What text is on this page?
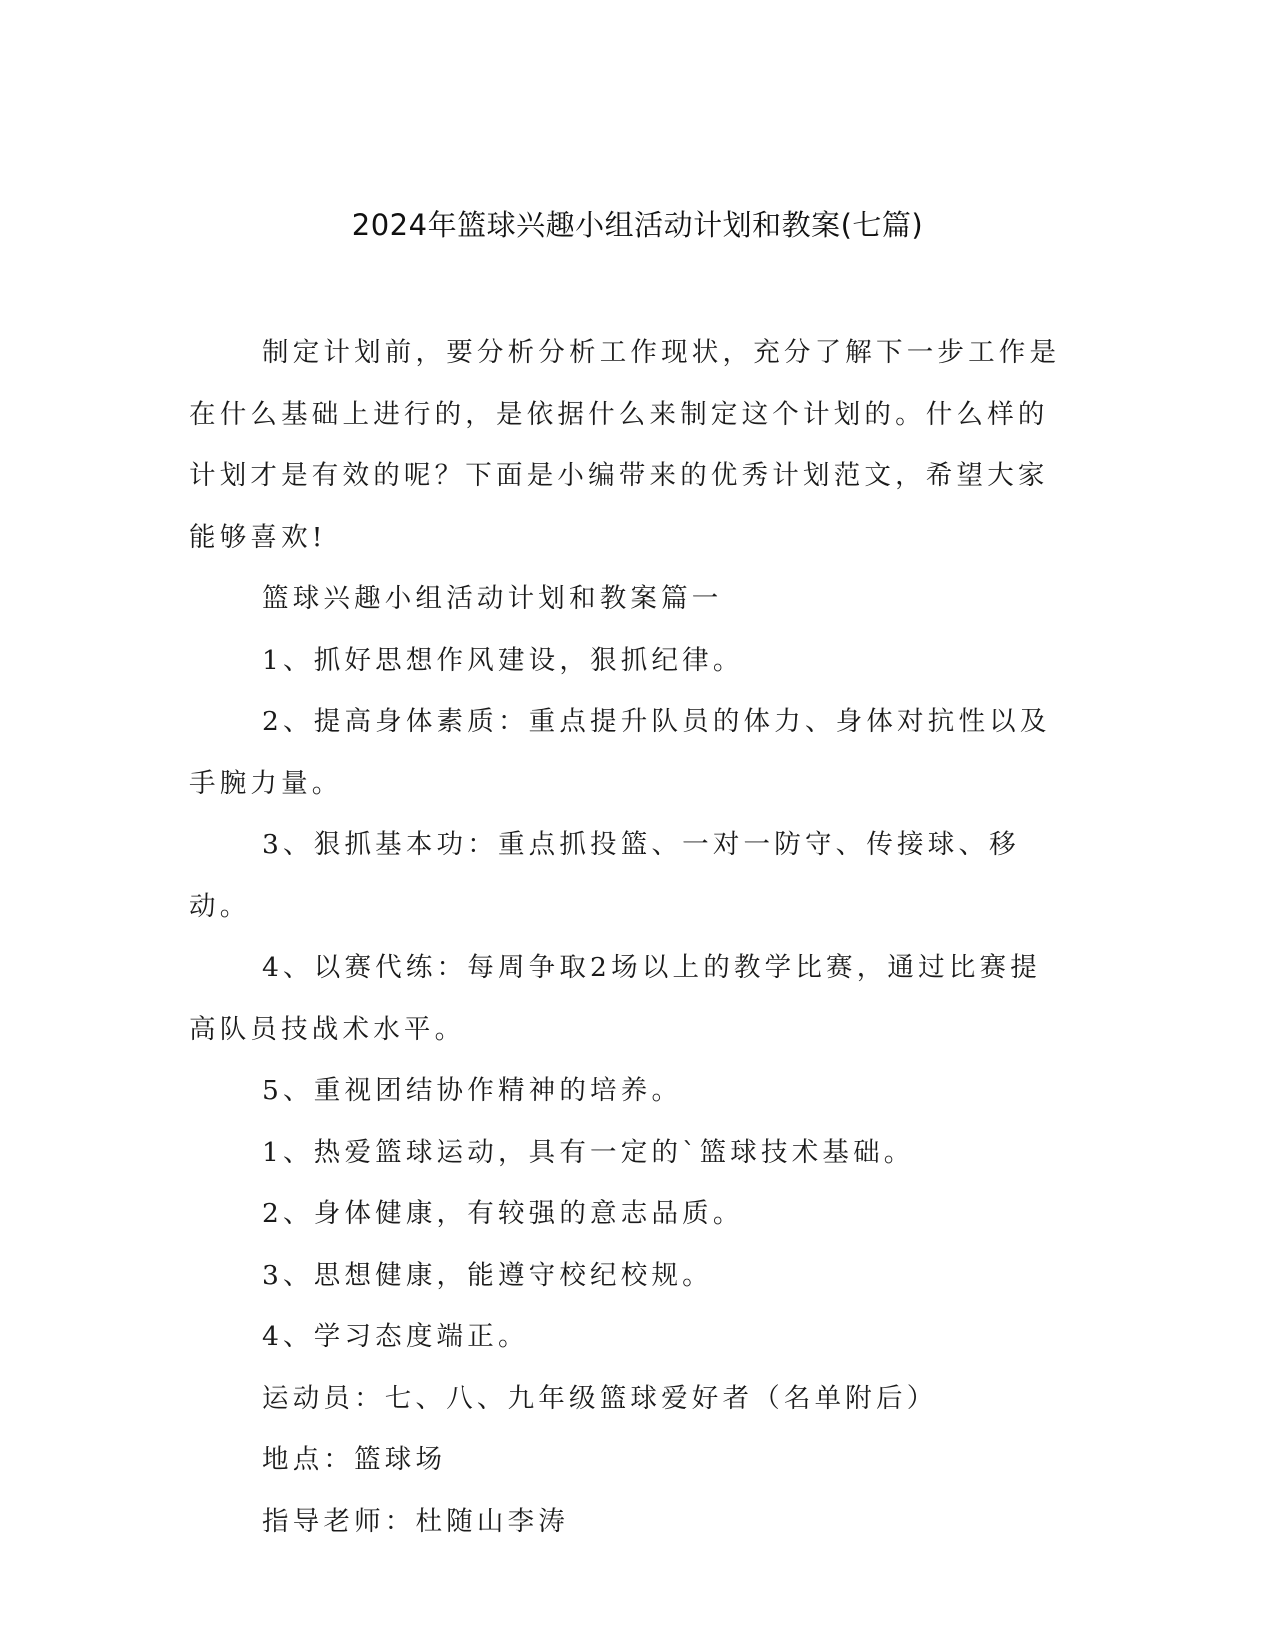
2024年篮球兴趣小组活动计划和教案(七篇)

制定计划前，要分析分析工作现状，充分了解下一步工作是在什么基础上进行的，是依据什么来制定这个计划的。什么样的计划才是有效的呢？下面是小编带来的优秀计划范文，希望大家能够喜欢!

篮球兴趣小组活动计划和教案篇一

1、抓好思想作风建设，狠抓纪律。

2、提高身体素质：重点提升队员的体力、身体对抗性以及手腕力量。

3、狠抓基本功：重点抓投篮、一对一防守、传接球、移动。

4、以赛代练：每周争取2场以上的教学比赛，通过比赛提高队员技战术水平。

5、重视团结协作精神的培养。

1、热爱篮球运动，具有一定的`篮球技术基础。

2、身体健康，有较强的意志品质。

3、思想健康，能遵守校纪校规。

4、学习态度端正。

运动员：七、八、九年级篮球爱好者（名单附后）

地点：篮球场

指导老师：杜随山李涛
